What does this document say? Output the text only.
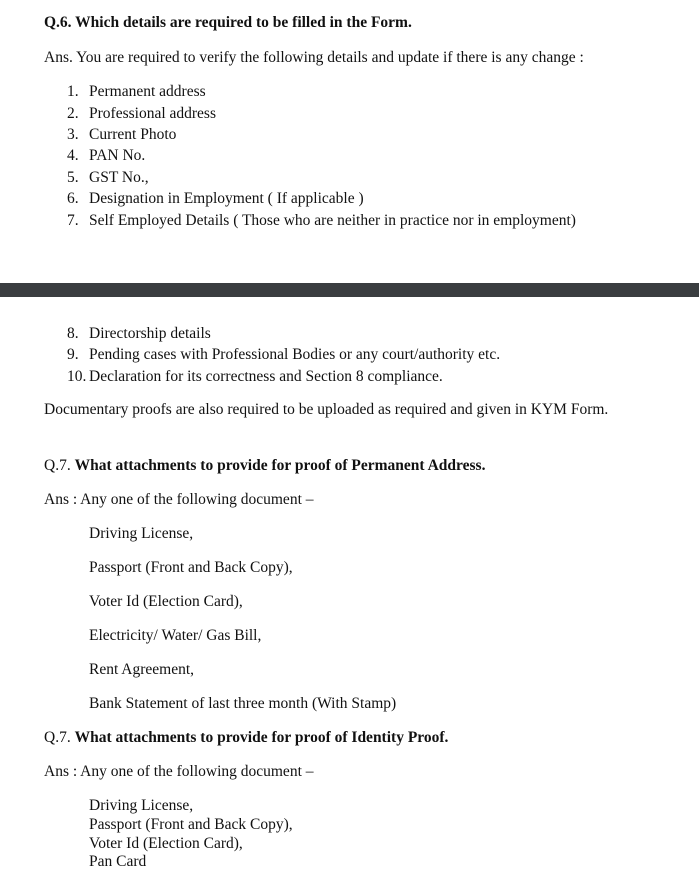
Q.6. Which details are required to be filled in the Form.
Ans. You are required to verify the following details and update if there is any change :
1. Permanent address
2. Professional address
3. Current Photo
4. PAN No.
5. GST No.,
6. Designation in Employment ( If applicable )
7. Self Employed Details ( Those who are neither in practice nor in employment)
8. Directorship details
9. Pending cases with Professional Bodies or any court/authority etc.
10. Declaration for its correctness and Section 8 compliance.
Documentary proofs are also required to be uploaded as required and given in KYM Form.
Q.7. What attachments to provide for proof of Permanent Address.
Ans : Any one of the following document –
Driving License,
Passport (Front and Back Copy),
Voter Id (Election Card),
Electricity/ Water/ Gas Bill,
Rent Agreement,
Bank Statement of last three month (With Stamp)
Q.7. What attachments to provide for proof of Identity Proof.
Ans : Any one of the following document –
Driving License,
Passport (Front and Back Copy),
Voter Id (Election Card),
Pan Card
